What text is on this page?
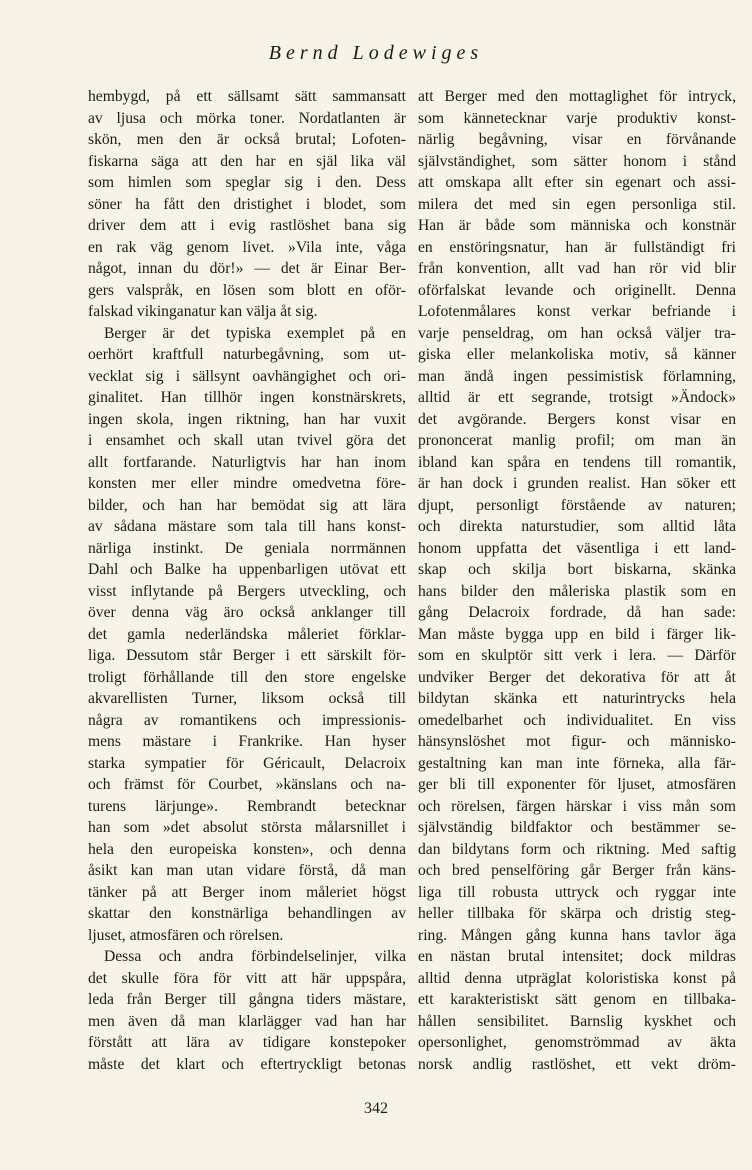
Bernd Lodewiges
hembygd, på ett sällsamt sätt sammansatt
av ljusa och mörka toner. Nordatlanten är
skön, men den är också brutal; Lofoten-
fiskarna säga att den har en själ lika väl
som himlen som speglar sig i den. Dess
söner ha fått den dristighet i blodet, som
driver dem att i evig rastlöshet bana sig
en rak väg genom livet. »Vila inte, våga
något, innan du dör!» — det är Einar Ber-
gers valspråk, en lösen som blott en oför-
falskad vikinganatur kan välja åt sig.
Berger är det typiska exemplet på en
oerhört kraftfull naturbegåvning, som ut-
vecklat sig i sällsynt oavhängighet och ori-
ginalitet. Han tillhör ingen konstnärskrets,
ingen skola, ingen riktning, han har vuxit
i ensamhet och skall utan tvivel göra det
allt fortfarande. Naturligtvis har han inom
konsten mer eller mindre omedvetna före-
bilder, och han har bemödat sig att lära
av sådana mästare som tala till hans konst-
närliga instinkt. De geniala norrmännen
Dahl och Balke ha uppenbarligen utövat ett
visst inflytande på Bergers utveckling, och
över denna väg äro också anklanger till
det gamla nederländska måleriet förklar-
liga. Dessutom står Berger i ett särskilt för-
troligt förhållande till den store engelske
akvarellisten Turner, liksom också till
några av romantikens och impressionis-
mens mästare i Frankrike. Han hyser
starka sympatier för Géricault, Delacroix
och främst för Courbet, »känslans och na-
turens lärjunge». Rembrandt betecknar
han som »det absolut största målarsnillet i
hela den europeiska konsten», och denna
åsikt kan man utan vidare förstå, då man
tänker på att Berger inom måleriet högst
skattar den konstnärliga behandlingen av
ljuset, atmosfären och rörelsen.
Dessa och andra förbindelselinjer, vilka
det skulle föra för vitt att här uppspåra,
leda från Berger till gångna tiders mästare,
men även då man klarlägger vad han har
förstått att lära av tidigare konstepoker
måste det klart och eftertryckligt betonas
att Berger med den mottaglighet för intryck,
som kännetecknar varje produktiv konst-
närlig begåvning, visar en förvånande
självständighet, som sätter honom i stånd
att omskapa allt efter sin egenart och assi-
milera det med sin egen personliga stil.
Han är både som människa och konstnär
en enstöringsnatur, han är fullständigt fri
från konvention, allt vad han rör vid blir
oförfalskat levande och originellt. Denna
Lofotenmålares konst verkar befriande i
varje penseldrag, om han också väljer tra-
giska eller melankoliska motiv, så känner
man ändå ingen pessimistisk förlamning,
alltid är ett segrande, trotsigt »Ändock»
det avgörande. Bergers konst visar en
prononcerat manlig profil; om man än
ibland kan spåra en tendens till romantik,
är han dock i grunden realist. Han söker ett
djupt, personligt förstående av naturen;
och direkta naturstudier, som alltid låta
honom uppfatta det väsentliga i ett land-
skap och skilja bort biskarna, skänka
hans bilder den måleriska plastik som en
gång Delacroix fordrade, då han sade:
Man måste bygga upp en bild i färger lik-
som en skulptör sitt verk i lera. — Därför
undviker Berger det dekorativa för att åt
bildytan skänka ett naturintrycks hela
omedelbarhet och individualitet. En viss
hänsynslöshet mot figur- och människo-
gestaltning kan man inte förneka, alla fär-
ger bli till exponenter för ljuset, atmosfären
och rörelsen, färgen härskar i viss mån som
självständig bildfaktor och bestämmer se-
dan bildytans form och riktning. Med saftig
och bred penselföring går Berger från käns-
liga till robusta uttryck och ryggar inte
heller tillbaka för skärpa och dristig steg-
ring. Mången gång kunna hans tavlor äga
en nästan brutal intensitet; dock mildras
alltid denna utpräglat koloristiska konst på
ett karakteristiskt sätt genom en tillbaka-
hållen sensibilitet. Barnslig kyskhet och
opersonlighet, genomströmmad av äkta
norsk andlig rastlöshet, ett vekt dröm-
342
